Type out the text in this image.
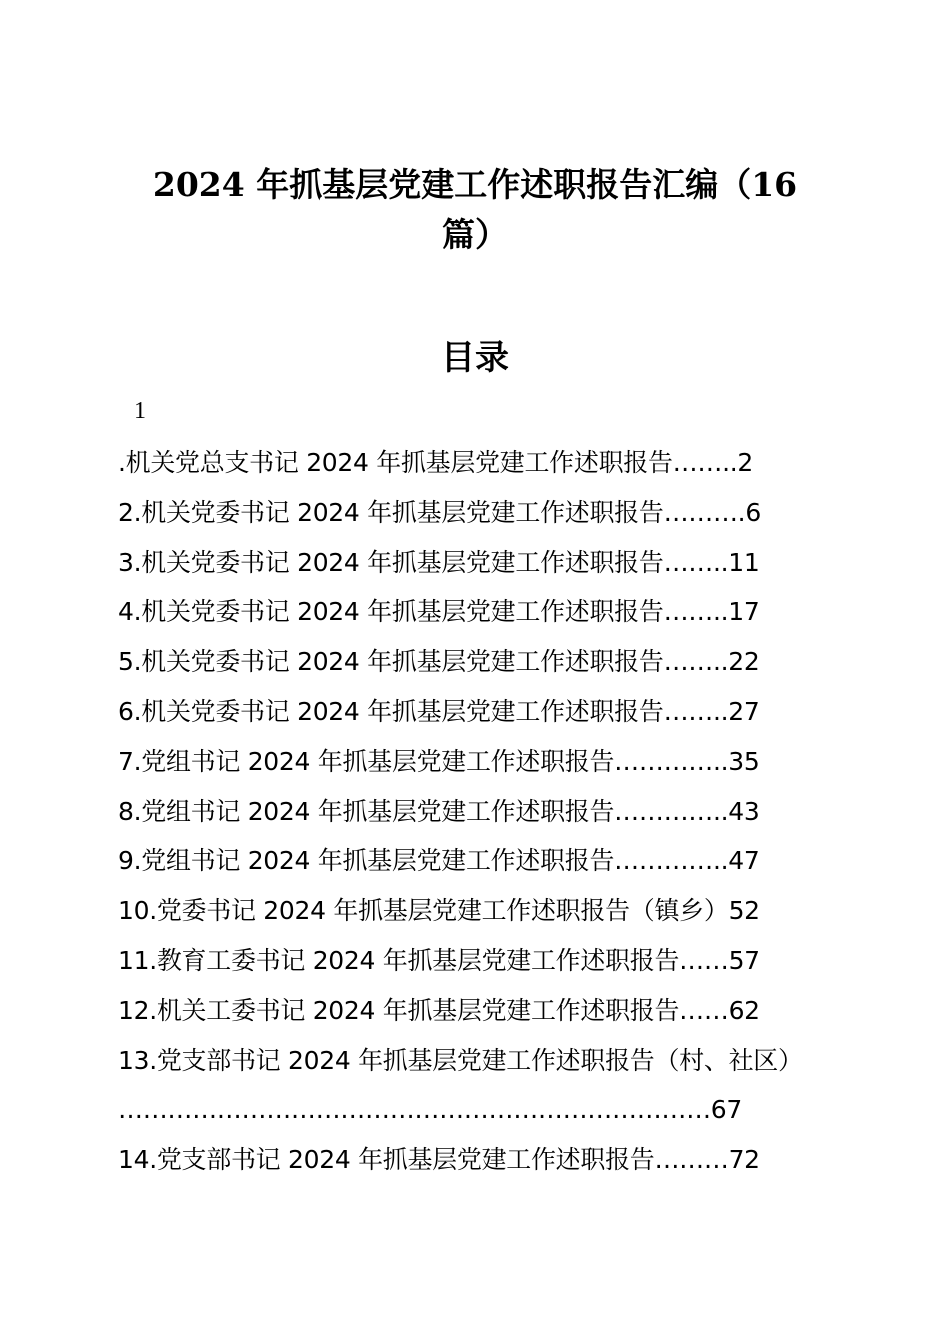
2024 年抓基层党建工作述职报告汇编（16
篇）
目录
1
.机关党总支书记 2024 年抓基层党建工作述职报告……..2
2.机关党委书记 2024 年抓基层党建工作述职报告……….6
3.机关党委书记 2024 年抓基层党建工作述职报告……..11
4.机关党委书记 2024 年抓基层党建工作述职报告……..17
5.机关党委书记 2024 年抓基层党建工作述职报告……..22
6.机关党委书记 2024 年抓基层党建工作述职报告……..27
7.党组书记 2024 年抓基层党建工作述职报告…………..35
8.党组书记 2024 年抓基层党建工作述职报告…………..43
9.党组书记 2024 年抓基层党建工作述职报告…………..47
10.党委书记 2024 年抓基层党建工作述职报告（镇乡）52
11.教育工委书记 2024 年抓基层党建工作述职报告……57
12.机关工委书记 2024 年抓基层党建工作述职报告……62
13.党支部书记 2024 年抓基层党建工作述职报告（村、社区）
………………………………………………………………67
14.党支部书记 2024 年抓基层党建工作述职报告………72
